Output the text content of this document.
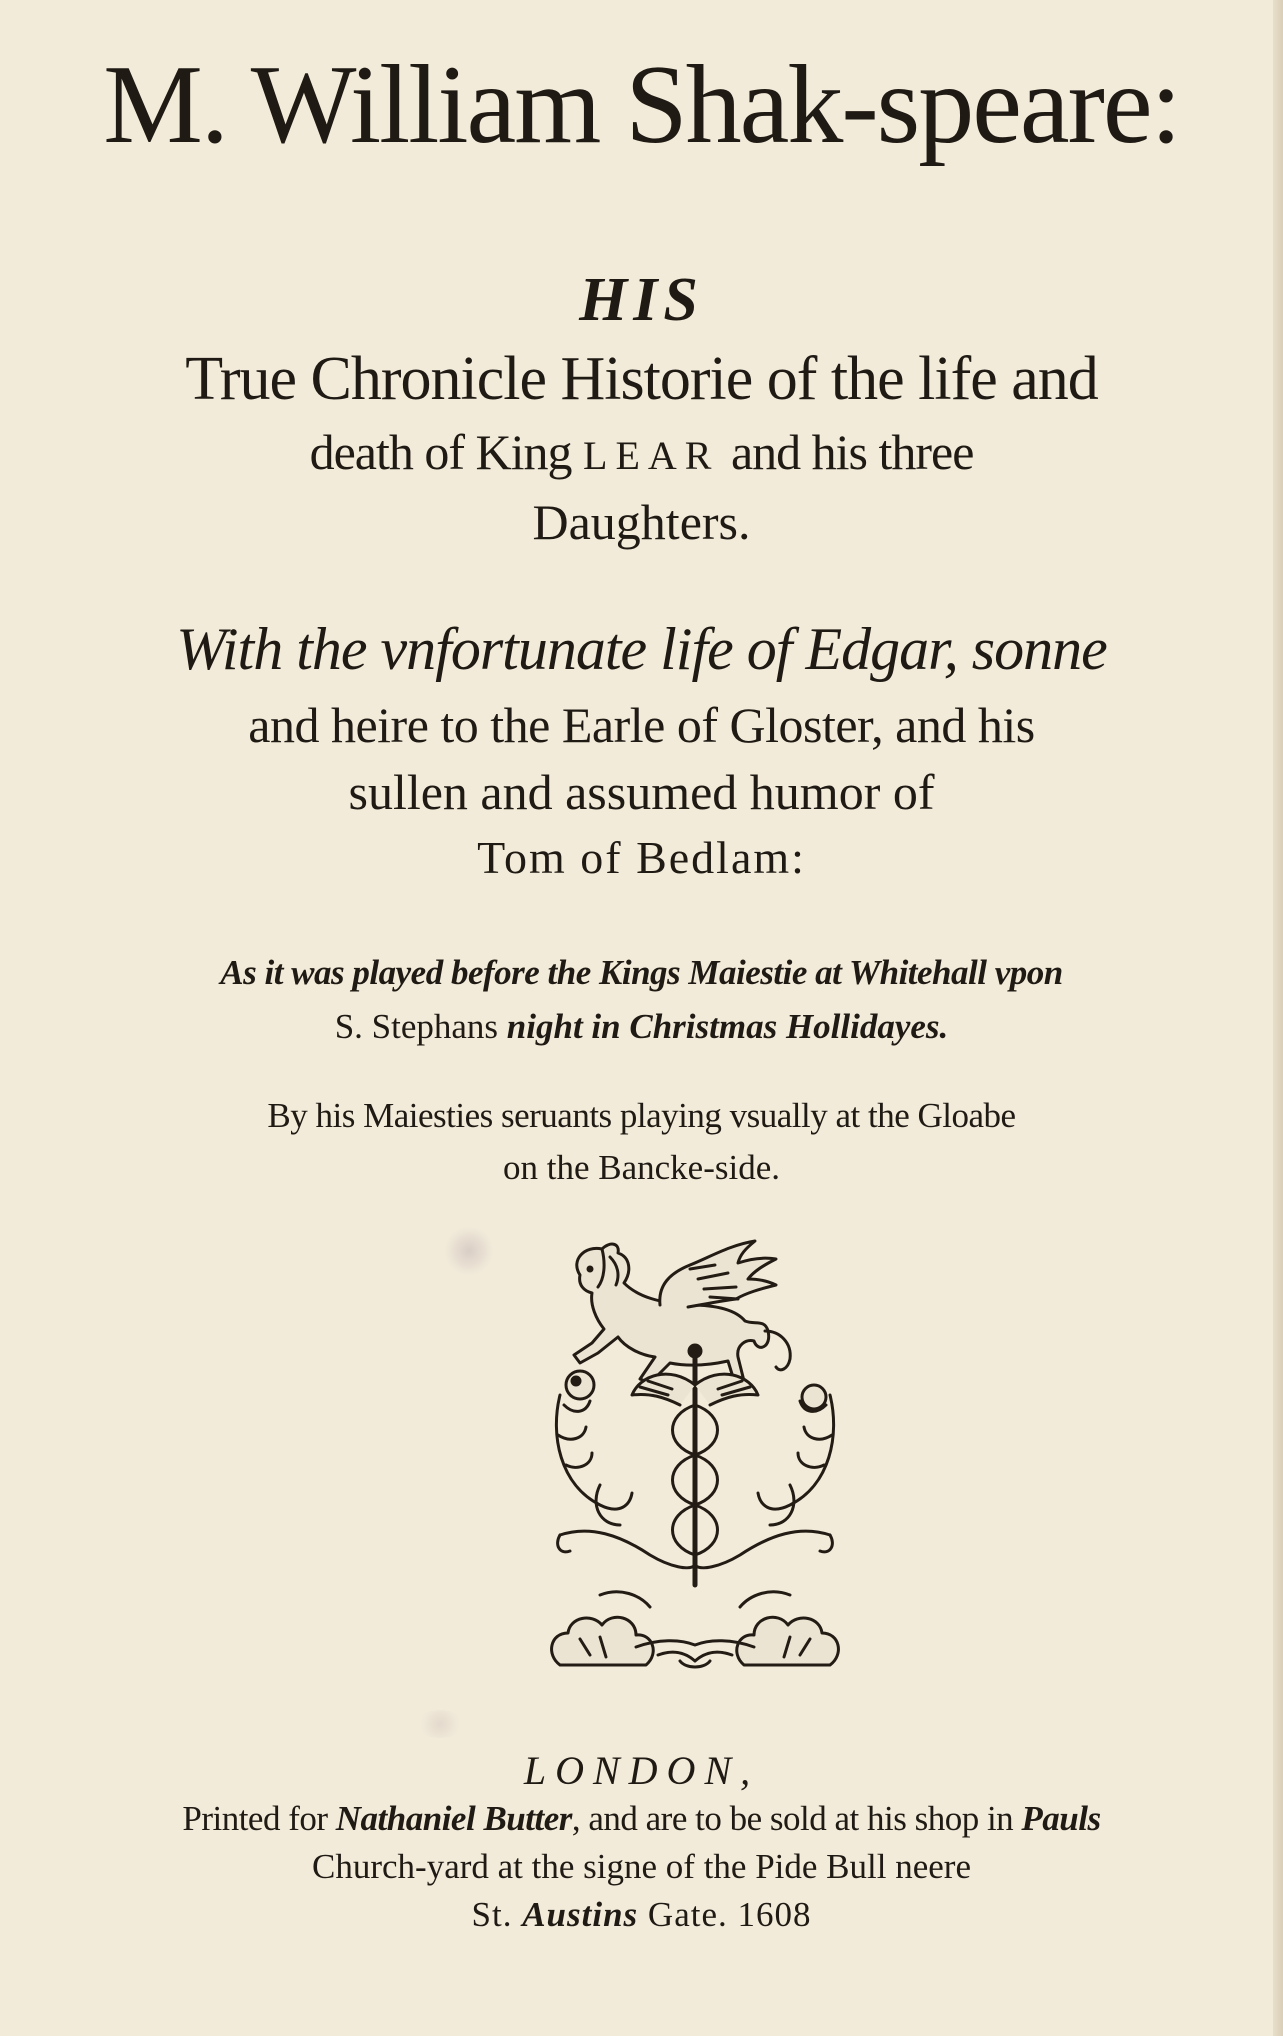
M. William Shak-speare:
HIS
True Chronicle Historie of the life and
death of King LEAR and his three
Daughters.
With the vnfortunate life of Edgar, sonne
and heire to the Earle of Gloster, and his
sullen and assumed humor of
Tom of Bedlam:
As it was played before the Kings Maiestie at Whitehall vpon
S. Stephans night in Christmas Hollidayes.
By his Maiesties seruants playing vsually at the Gloabe
on the Bancke-side.
LONDON,
Printed for Nathaniel Butter, and are to be sold at his shop in Pauls
Church-yard at the signe of the Pide Bull neere
St. Austins Gate. 1608
